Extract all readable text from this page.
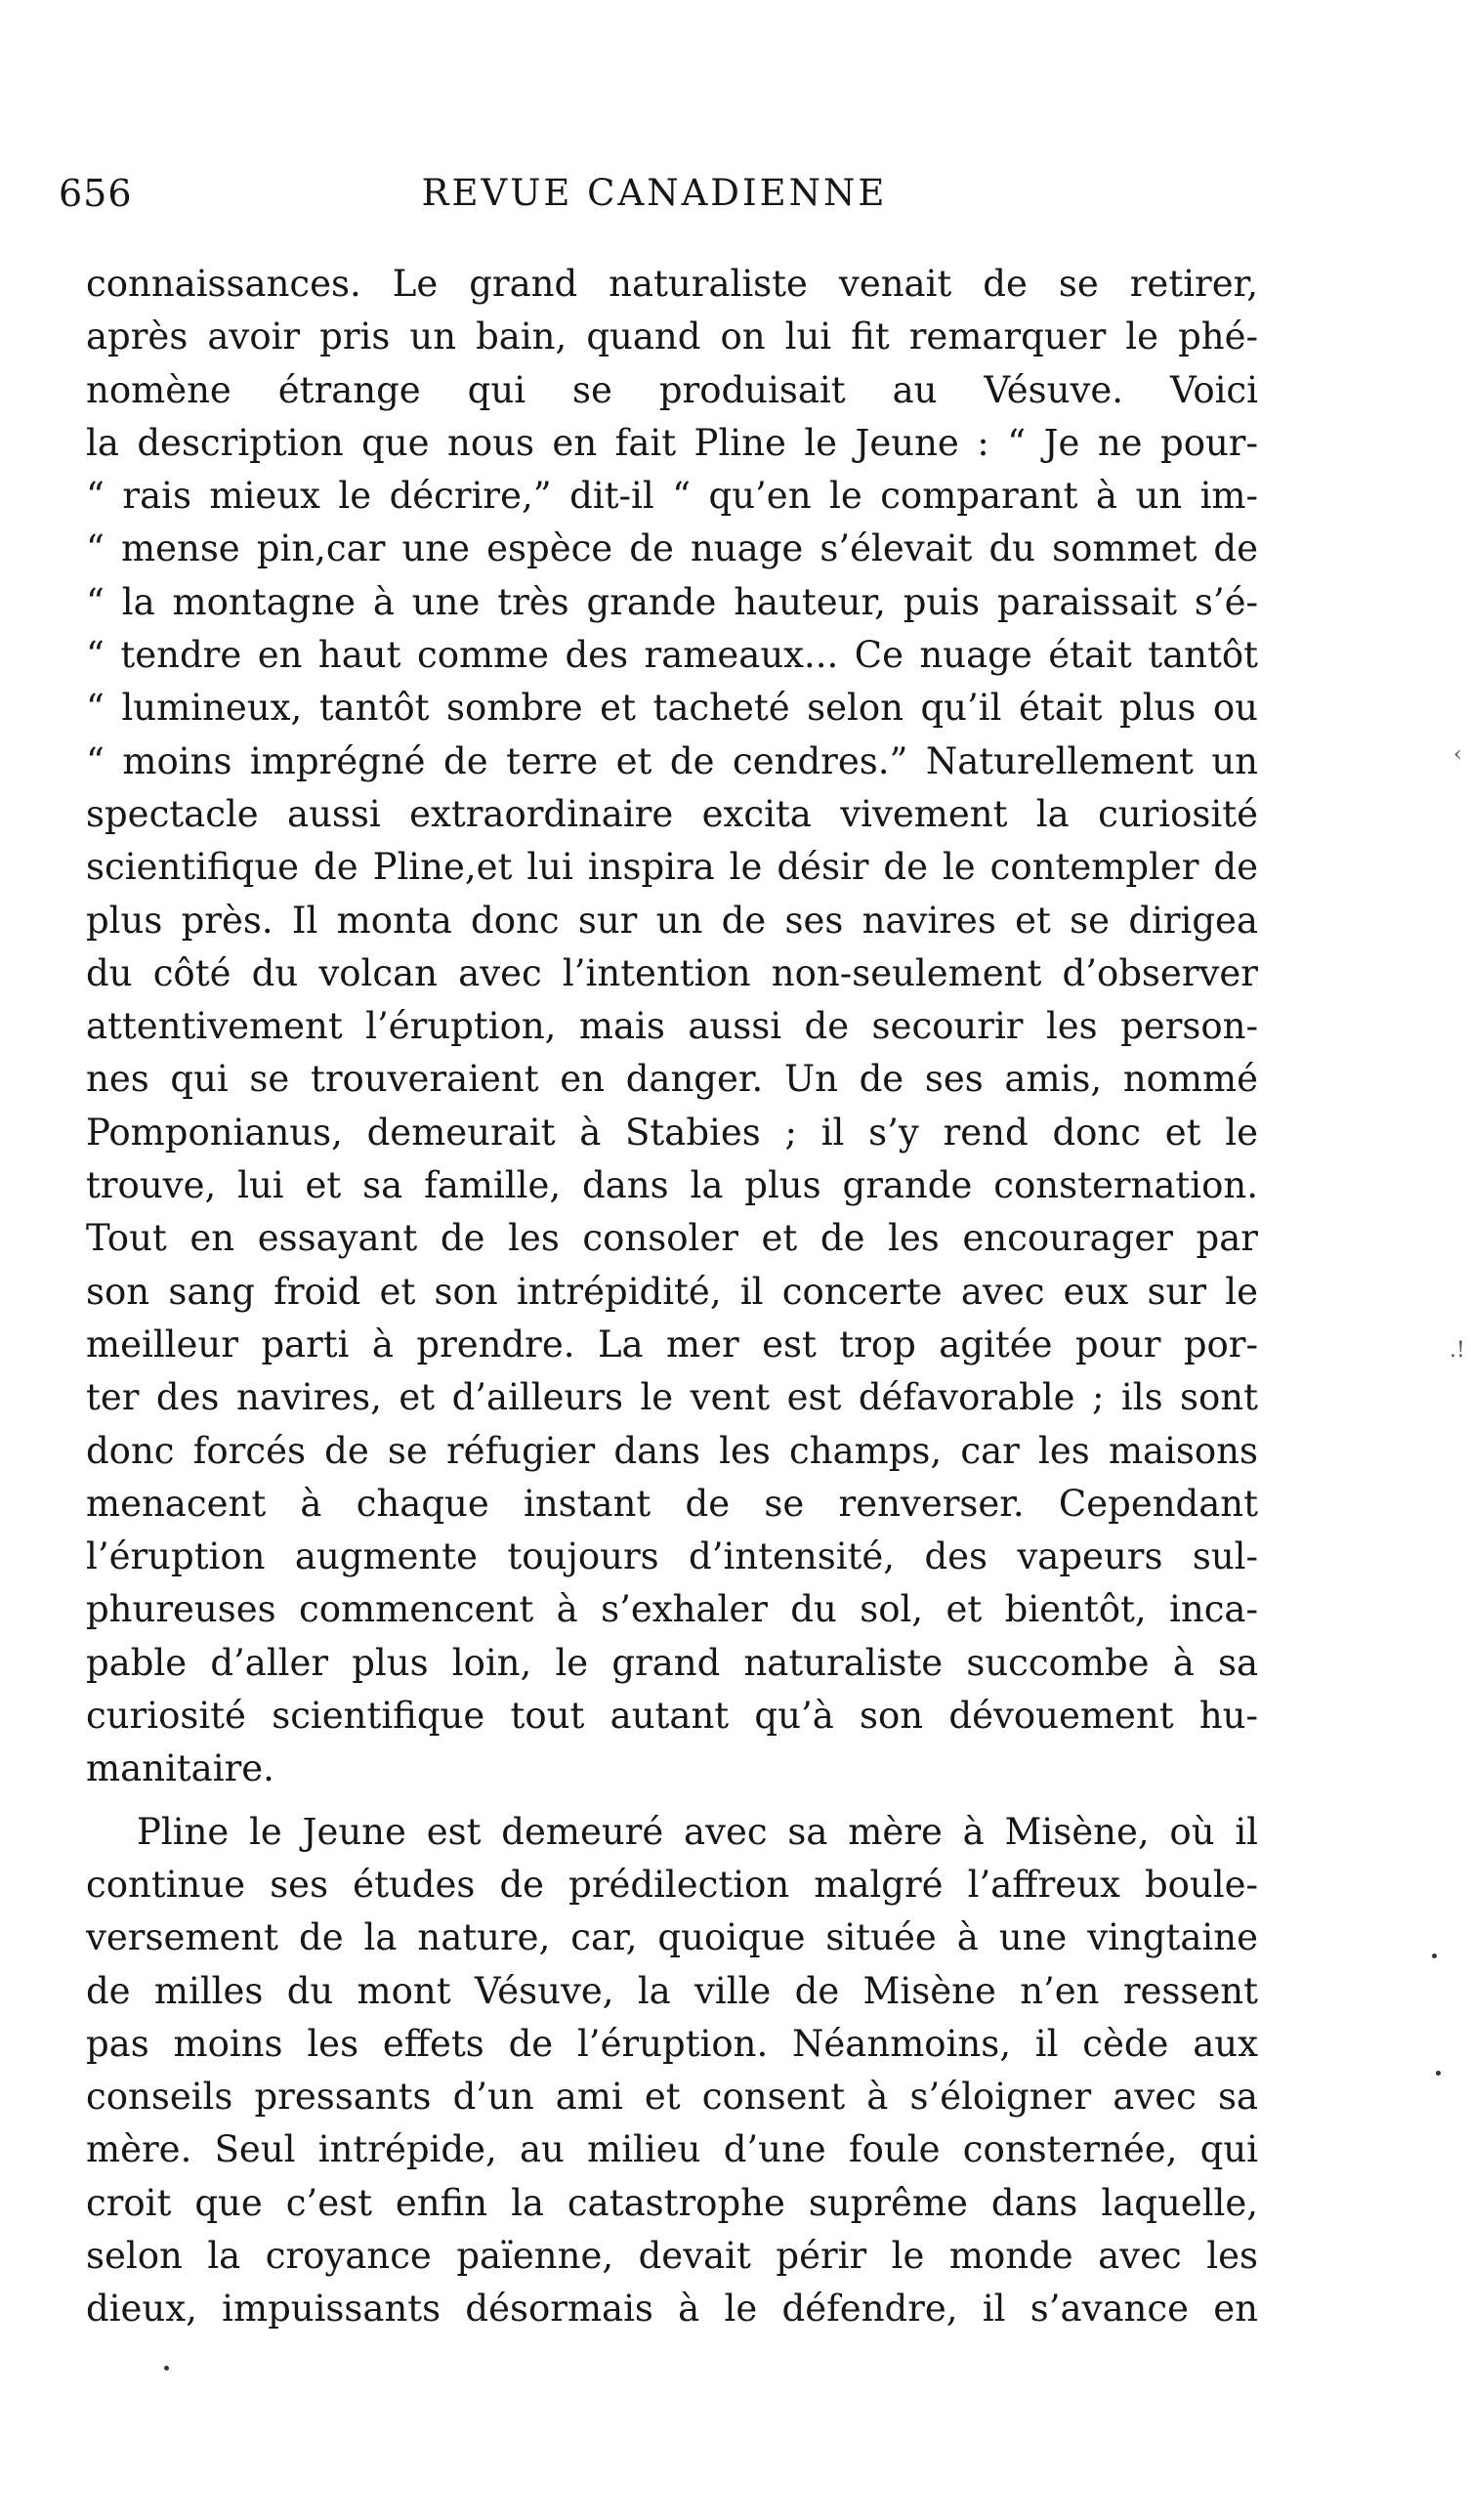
656	REVUE CANADIENNE
connaissances. Le grand naturaliste venait de se retirer,
après avoir pris un bain, quand on lui fit remarquer le phé-
nomène étrange qui se produisait au Vésuve. Voici
la description que nous en fait Pline le Jeune : “ Je ne pour-
“ rais mieux le décrire,” dit-il “ qu’en le comparant à un im-
“ mense pin,car une espèce de nuage s’élevait du sommet de
“ la montagne à une très grande hauteur, puis paraissait s’é-
“ tendre en haut comme des rameaux... Ce nuage était tantôt
“ lumineux, tantôt sombre et tacheté selon qu’il était plus ou
“ moins imprégné de terre et de cendres.” Naturellement un
spectacle aussi extraordinaire excita vivement la curiosité
scientifique de Pline,et lui inspira le désir de le contempler de
plus près. Il monta donc sur un de ses navires et se dirigea
du côté du volcan avec l’intention non-seulement d’observer
attentivement l’éruption, mais aussi de secourir les person-
nes qui se trouveraient en danger. Un de ses amis, nommé
Pomponianus, demeurait à Stabies ; il s’y rend donc et le
trouve, lui et sa famille, dans la plus grande consternation.
Tout en essayant de les consoler et de les encourager par
son sang froid et son intrépidité, il concerte avec eux sur le
meilleur parti à prendre. La mer est trop agitée pour por-
ter des navires, et d’ailleurs le vent est défavorable ; ils sont
donc forcés de se réfugier dans les champs, car les maisons
menacent à chaque instant de se renverser. Cependant
l’éruption augmente toujours d’intensité, des vapeurs sul-
phureuses commencent à s’exhaler du sol, et bientôt, inca-
pable d’aller plus loin, le grand naturaliste succombe à sa
curiosité scientifique tout autant qu’à son dévouement hu-
manitaire.
Pline le Jeune est demeuré avec sa mère à Misène, où il
continue ses études de prédilection malgré l’affreux boule-
versement de la nature, car, quoique située à une vingtaine
de milles du mont Vésuve, la ville de Misène n’en ressent
pas moins les effets de l’éruption. Néanmoins, il cède aux
conseils pressants d’un ami et consent à s’éloigner avec sa
mère. Seul intrépide, au milieu d’une foule consternée, qui
croit que c’est enfin la catastrophe suprême dans laquelle,
selon la croyance païenne, devait périr le monde avec les
dieux, impuissants désormais à le défendre, il s’avance en
‹
.!
